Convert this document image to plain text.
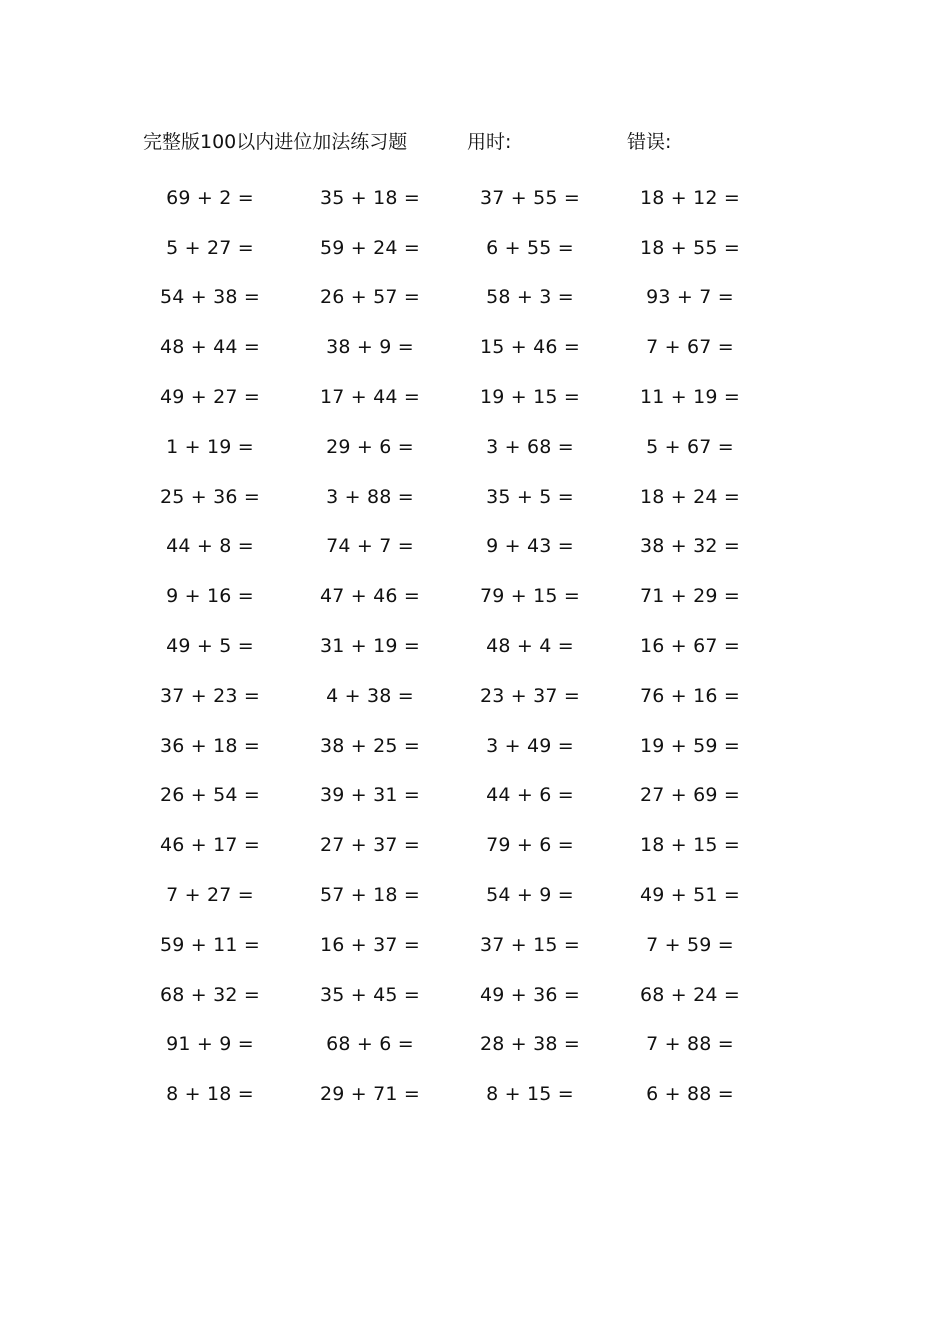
完整版100以内进位加法练习题	用时:	错误:
69 + 2 =	35 + 18 =	37 + 55 =	18 + 12 =
5 + 27 =	59 + 24 =	6 + 55 =	18 + 55 =
54 + 38 =	26 + 57 =	58 + 3 =	93 + 7 =
48 + 44 =	38 + 9 =	15 + 46 =	7 + 67 =
49 + 27 =	17 + 44 =	19 + 15 =	11 + 19 =
1 + 19 =	29 + 6 =	3 + 68 =	5 + 67 =
25 + 36 =	3 + 88 =	35 + 5 =	18 + 24 =
44 + 8 =	74 + 7 =	9 + 43 =	38 + 32 =
9 + 16 =	47 + 46 =	79 + 15 =	71 + 29 =
49 + 5 =	31 + 19 =	48 + 4 =	16 + 67 =
37 + 23 =	4 + 38 =	23 + 37 =	76 + 16 =
36 + 18 =	38 + 25 =	3 + 49 =	19 + 59 =
26 + 54 =	39 + 31 =	44 + 6 =	27 + 69 =
46 + 17 =	27 + 37 =	79 + 6 =	18 + 15 =
7 + 27 =	57 + 18 =	54 + 9 =	49 + 51 =
59 + 11 =	16 + 37 =	37 + 15 =	7 + 59 =
68 + 32 =	35 + 45 =	49 + 36 =	68 + 24 =
91 + 9 =	68 + 6 =	28 + 38 =	7 + 88 =
8 + 18 =	29 + 71 =	8 + 15 =	6 + 88 =
